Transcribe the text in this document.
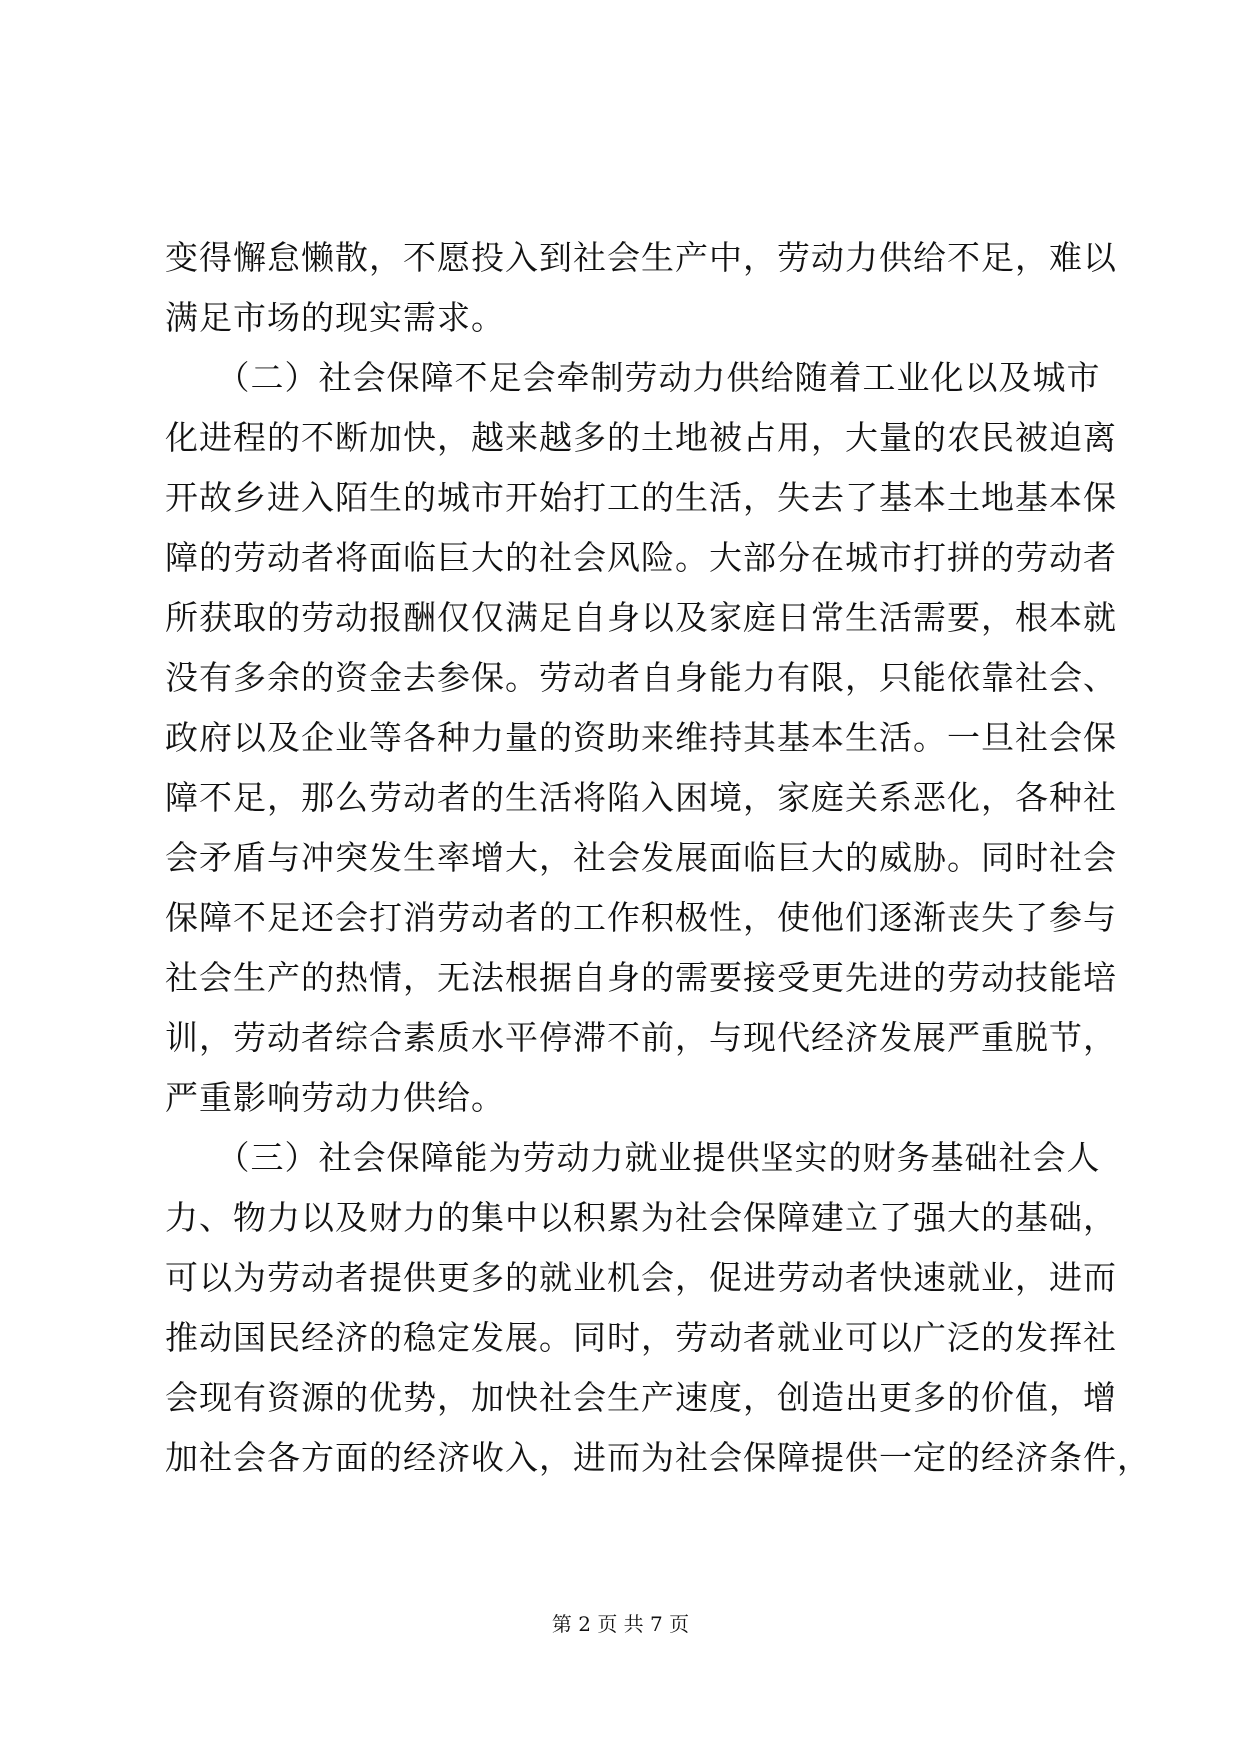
变得懈怠懒散，不愿投入到社会生产中，劳动力供给不足，难以
满足市场的现实需求。
　　（二）社会保障不足会牵制劳动力供给随着工业化以及城市
化进程的不断加快，越来越多的土地被占用，大量的农民被迫离
开故乡进入陌生的城市开始打工的生活，失去了基本土地基本保
障的劳动者将面临巨大的社会风险。大部分在城市打拼的劳动者
所获取的劳动报酬仅仅满足自身以及家庭日常生活需要，根本就
没有多余的资金去参保。劳动者自身能力有限，只能依靠社会、
政府以及企业等各种力量的资助来维持其基本生活。一旦社会保
障不足，那么劳动者的生活将陷入困境，家庭关系恶化，各种社
会矛盾与冲突发生率增大，社会发展面临巨大的威胁。同时社会
保障不足还会打消劳动者的工作积极性，使他们逐渐丧失了参与
社会生产的热情，无法根据自身的需要接受更先进的劳动技能培
训，劳动者综合素质水平停滞不前，与现代经济发展严重脱节，
严重影响劳动力供给。
　　（三）社会保障能为劳动力就业提供坚实的财务基础社会人
力、物力以及财力的集中以积累为社会保障建立了强大的基础，
可以为劳动者提供更多的就业机会，促进劳动者快速就业，进而
推动国民经济的稳定发展。同时，劳动者就业可以广泛的发挥社
会现有资源的优势，加快社会生产速度，创造出更多的价值，增
加社会各方面的经济收入，进而为社会保障提供一定的经济条件，
第 2 页 共 7 页
